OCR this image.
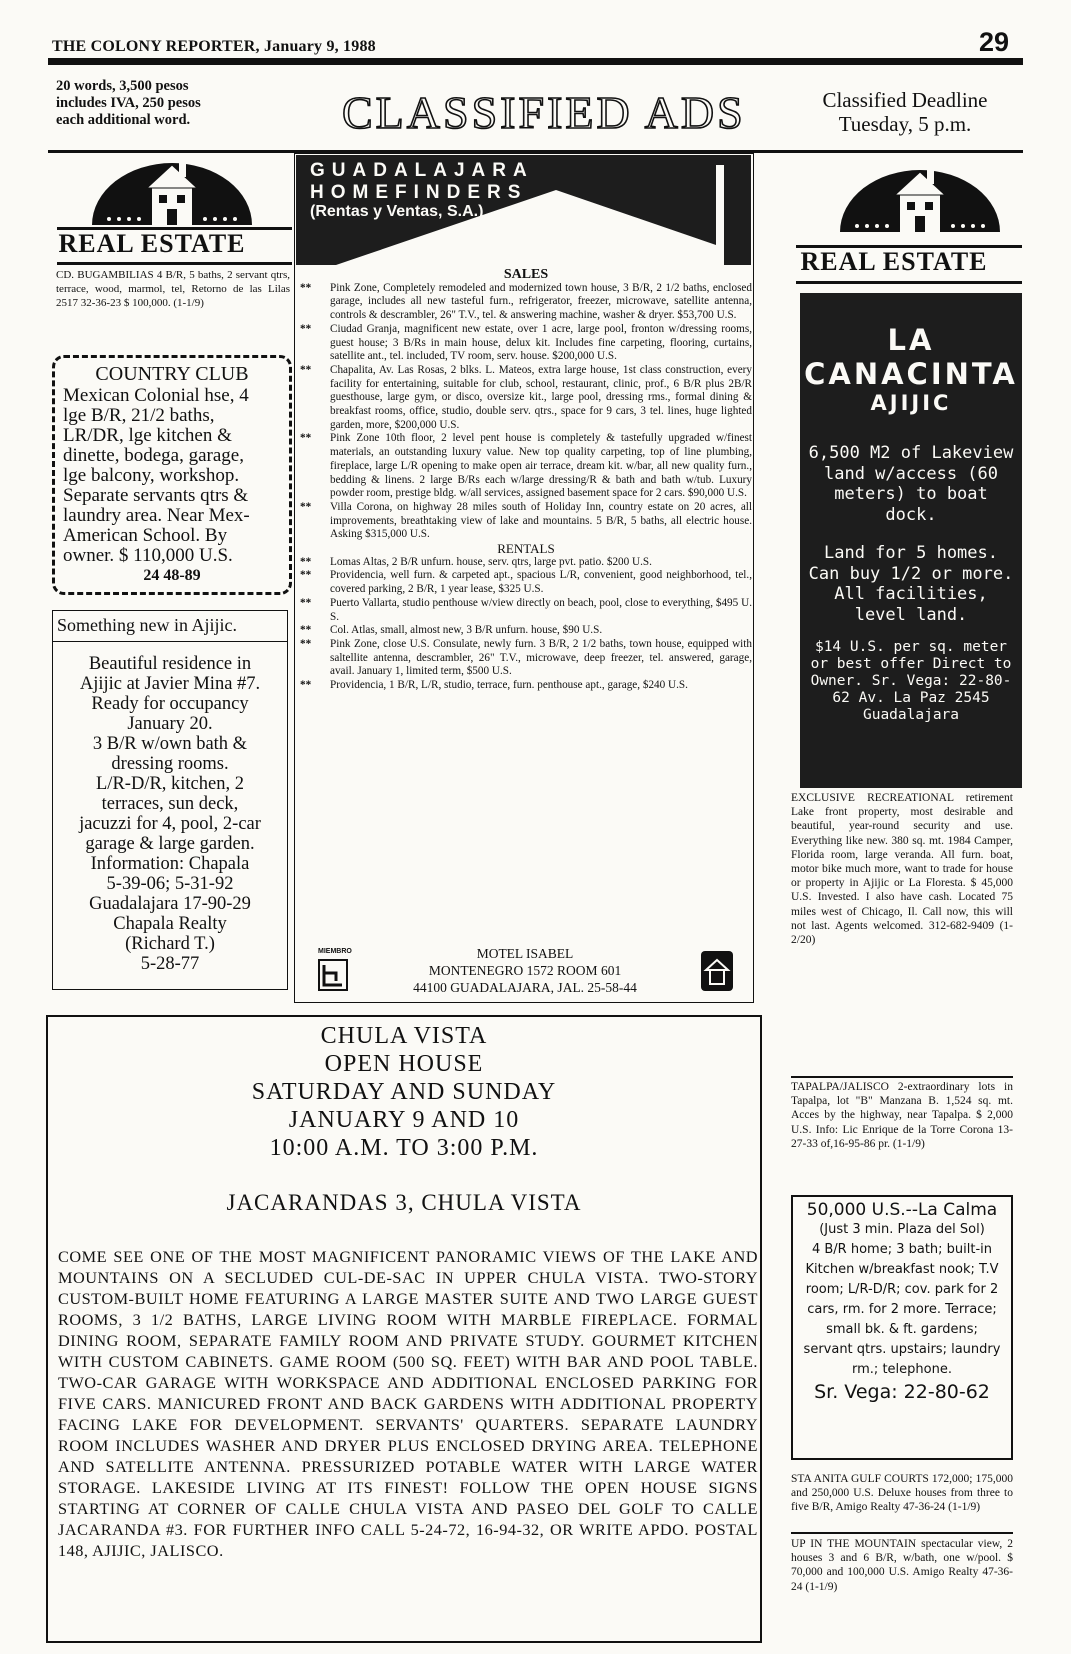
THE COLONY REPORTER, January 9, 1988	29
20 words, 3,500 pesos
includes IVA, 250 pesos
each additional word.	CLASSIFIED ADS	Classified Deadline
Tuesday, 5 p.m.
REAL ESTATE
CD. BUGAMBILIAS 4 B/R, 5 baths, 2 servant qtrs, terrace, wood, marmol, tel, Retorno de las Lilas 2517 32-36-23 $ 100,000. (1-1/9)
COUNTRY CLUB
Mexican Colonial hse, 4
lge B/R, 21/2 baths,
LR/DR, lge kitchen &
dinette, bodega, garage,
lge balcony, workshop.
Separate servants qtrs &
laundry area. Near Mex-
American School. By
owner. $ 110,000 U.S.
24 48-89
Something new in Ajijic.
Beautiful residence in
Ajijic at Javier Mina #7.
Ready for occupancy
January 20.
3 B/R w/own bath &
dressing rooms.
L/R-D/R, kitchen, 2
terraces, sun deck,
jacuzzi for 4, pool, 2-car
garage & large garden.
Information: Chapala
5-39-06; 5-31-92
Guadalajara 17-90-29
Chapala Realty
(Richard T.)
5-28-77
GUADALAJARA
HOMEFINDERS
(Rentas y Ventas, S.A.)
SALES
**	Pink Zone, Completely remodeled and modernized town house, 3 B/R, 2 1/2 baths, enclosed garage, includes all new tasteful furn., refrigerator, freezer, microwave, satellite antenna, controls & descrambler, 26" T.V., tel. & answering machine, washer & dryer. $53,700 U.S.
**	Ciudad Granja, magnificent new estate, over 1 acre, large pool, fronton w/dressing rooms, guest house; 3 B/Rs in main house, delux kit. Includes fine carpeting, flooring, curtains, satellite ant., tel. included, TV room, serv. house. $200,000 U.S.
**	Chapalita, Av. Las Rosas, 2 blks. L. Mateos, extra large house, 1st class construction, every facility for entertaining, suitable for club, school, restaurant, clinic, prof., 6 B/R plus 2B/R guesthouse, large gym, or disco, oversize kit., large pool, dressing rms., formal dining & breakfast rooms, office, studio, double serv. qtrs., space for 9 cars, 3 tel. lines, huge lighted garden, more, $200,000 U.S.
**	Pink Zone 10th floor, 2 level pent house is completely & tastefully upgraded w/finest materials, an outstanding luxury value. New top quality carpeting, top of line plumbing, fireplace, large L/R opening to make open air terrace, dream kit. w/bar, all new quality furn., bedding & linens. 2 large B/Rs each w/large dressing/R & bath and bath w/tub. Luxury powder room, prestige bldg. w/all services, assigned basement space for 2 cars. $90,000 U.S.
**	Villa Corona, on highway 28 miles south of Holiday Inn, country estate on 20 acres, all improvements, breathtaking view of lake and mountains. 5 B/R, 5 baths, all electric house. Asking $315,000 U.S.
RENTALS
**	Lomas Altas, 2 B/R unfurn. house, serv. qtrs, large pvt. patio. $200 U.S.
**	Providencia, well furn. & carpeted apt., spacious L/R, convenient, good neighborhood, tel., covered parking, 2 B/R, 1 year lease, $325 U.S.
**	Puerto Vallarta, studio penthouse w/view directly on beach, pool, close to everything, $495 U. S.
**	Col. Atlas, small, almost new, 3 B/R unfurn. house, $90 U.S.
**	Pink Zone, close U.S. Consulate, newly furn. 3 B/R, 2 1/2 baths, town house, equipped with saltellite antenna, descrambler, 26" T.V., microwave, deep freezer, tel. answered, garage, avail. January 1, limited term, $500 U.S.
**	Providencia, 1 B/R, L/R, studio, terrace, furn. penthouse apt., garage, $240 U.S.
MIEMBRO	MOTEL ISABEL
MONTENEGRO 1572 ROOM 601
44100 GUADALAJARA, JAL. 25-58-44
CHULA VISTA
OPEN HOUSE
SATURDAY AND SUNDAY
JANUARY 9 AND 10
10:00 A.M. TO 3:00 P.M.
JACARANDAS 3, CHULA VISTA
COME SEE ONE OF THE MOST MAGNIFICENT PANORAMIC VIEWS OF THE LAKE AND MOUNTAINS ON A SECLUDED CUL-DE-SAC IN UPPER CHULA VISTA. TWO-STORY CUSTOM-BUILT HOME FEATURING A LARGE MASTER SUITE AND TWO LARGE GUEST ROOMS, 3 1/2 BATHS, LARGE LIVING ROOM WITH MARBLE FIREPLACE. FORMAL DINING ROOM, SEPARATE FAMILY ROOM AND PRIVATE STUDY. GOURMET KITCHEN WITH CUSTOM CABINETS. GAME ROOM (500 SQ. FEET) WITH BAR AND POOL TABLE. TWO-CAR GARAGE WITH WORKSPACE AND ADDITIONAL ENCLOSED PARKING FOR FIVE CARS. MANICURED FRONT AND BACK GARDENS WITH ADDITIONAL PROPERTY FACING LAKE FOR DEVELOPMENT. SERVANTS' QUARTERS. SEPARATE LAUNDRY ROOM INCLUDES WASHER AND DRYER PLUS ENCLOSED DRYING AREA. TELEPHONE AND SATELLITE ANTENNA. PRESSURIZED POTABLE WATER WITH LARGE WATER STORAGE. LAKESIDE LIVING AT ITS FINEST! FOLLOW THE OPEN HOUSE SIGNS STARTING AT CORNER OF CALLE CHULA VISTA AND PASEO DEL GOLF TO CALLE JACARANDA #3. FOR FURTHER INFO CALL 5-24-72, 16-94-32, OR WRITE APDO. POSTAL 148, AJIJIC, JALISCO.
REAL ESTATE
LA CANACINTA
AJIJIC
6,500 M2 of Lakeview land w/access (60 meters) to boat dock.
Land for 5 homes. Can buy 1/2 or more. All facilities, level land.
$14 U.S. per sq. meter or best offer Direct to Owner. Sr. Vega: 22-80-62 Av. La Paz 2545 Guadalajara
EXCLUSIVE RECREATIONAL retirement Lake front property, most desirable and beautiful, year-round security and use. Everything like new. 380 sq. mt. 1984 Camper, Florida room, large veranda. All furn. boat, motor bike much more, want to trade for house or property in Ajijic or La Floresta. $ 45,000 U.S. Invested. I also have cash. Located 75 miles west of Chicago, Il. Call now, this will not last. Agents welcomed. 312-682-9409 (1-2/20)
TAPALPA/JALISCO 2-extraordinary lots in Tapalpa, lot "B" Manzana B. 1,524 sq. mt. Acces by the highway, near Tapalpa. $ 2,000 U.S. Info: Lic Enrique de la Torre Corona 13-27-33 of,16-95-86 pr. (1-1/9)
50,000 U.S.--La Calma
(Just 3 min. Plaza del Sol)
4 B/R home; 3 bath; built-in
Kitchen w/breakfast nook; T.V
room; L/R-D/R; cov. park for 2
cars, rm. for 2 more. Terrace;
small bk. & ft. gardens;
servant qtrs. upstairs; laundry
rm.; telephone.
Sr. Vega: 22-80-62
STA ANITA GULF COURTS 172,000; 175,000 and 250,000 U.S. Deluxe houses from three to five B/R, Amigo Realty 47-36-24 (1-1/9)
UP IN THE MOUNTAIN spectacular view, 2 houses 3 and 6 B/R, w/bath, one w/pool. $ 70,000 and 100,000 U.S. Amigo Realty 47-36-24 (1-1/9)
